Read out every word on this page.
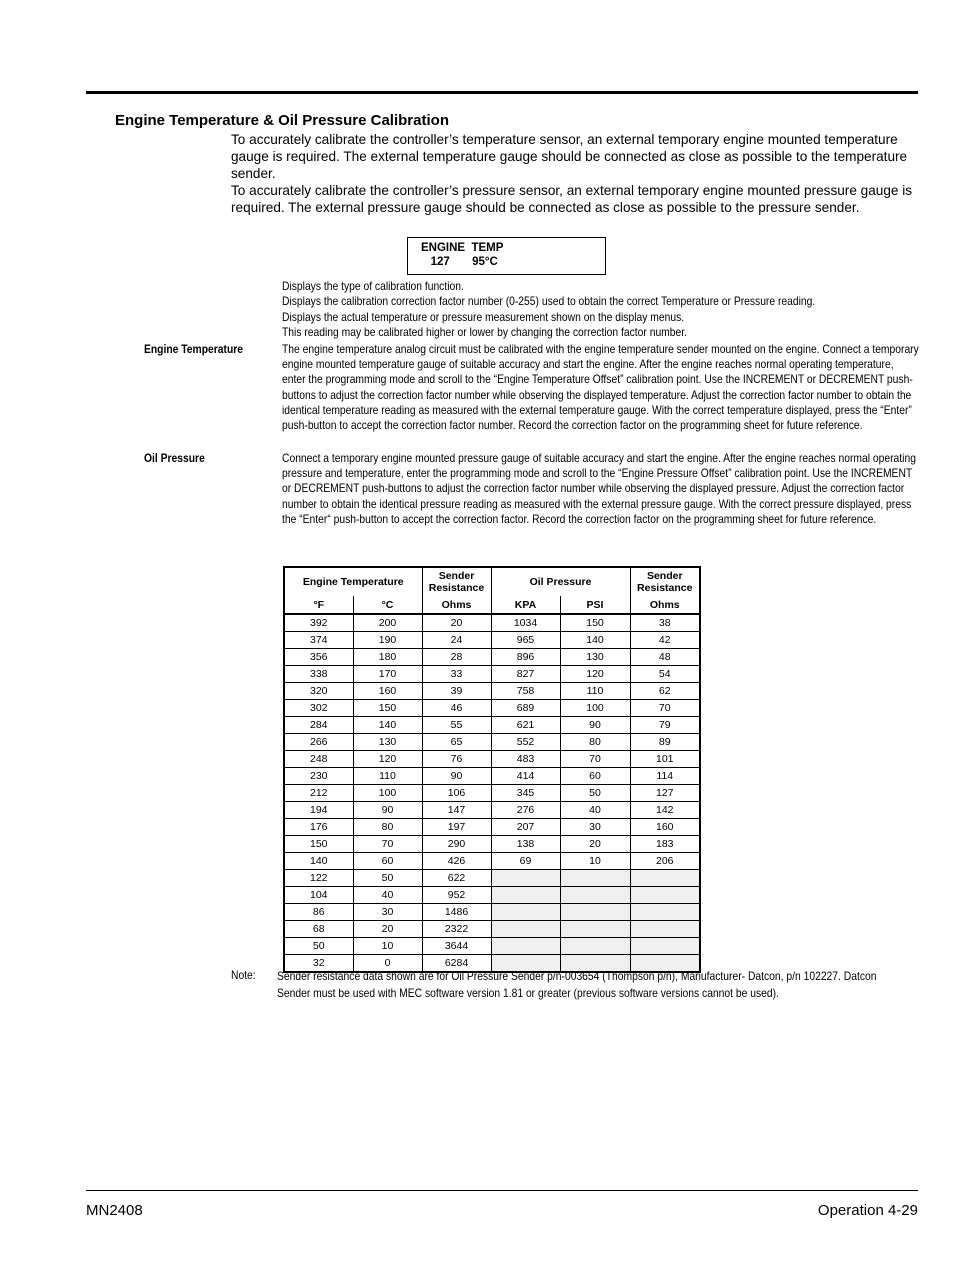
Engine Temperature & Oil Pressure Calibration

To accurately calibrate the controller’s temperature sensor, an external temporary engine mounted temperature gauge is required. The external temperature gauge should be connected as close as possible to the temperature sender.

To accurately calibrate the controller’s pressure sensor, an external temporary engine mounted pressure gauge is required. The external pressure gauge should be connected as close as possible to the pressure sender.

ENGINE  TEMP
127       95°C

Displays the type of calibration function.

Displays the calibration correction factor number (0-255) used to obtain the correct Temperature or Pressure reading.

Displays the actual temperature or pressure measurement shown on the display menus.

This reading may be calibrated higher or lower by changing the correction factor number.

Engine Temperature	The engine temperature analog circuit must be calibrated with the engine temperature sender mounted on the engine. Connect a temporary engine mounted temperature gauge of suitable accuracy and start the engine. After the engine reaches normal operating temperature, enter the programming mode and scroll to the “Engine Temperature Offset” calibration point. Use the INCREMENT or DECREMENT push-buttons to adjust the correction factor number while observing the displayed temperature. Adjust the correction factor number to obtain the identical temperature reading as measured with the external temperature gauge. With the correct temperature displayed, press the “Enter” push-button to accept the correction factor number. Record the correction factor on the programming sheet for future reference.
Oil Pressure	Connect a temporary engine mounted pressure gauge of suitable accuracy and start the engine. After the engine reaches normal operating pressure and temperature, enter the programming mode and scroll to the “Engine Pressure Offset” calibration point. Use the INCREMENT or DECREMENT push-buttons to adjust the correction factor number while observing the displayed pressure. Adjust the correction factor number to obtain the identical pressure reading as measured with the external pressure gauge. With the correct pressure displayed, press the “Enter“ push-button to accept the correction factor. Record the correction factor on the programming sheet for future reference.
Engine Temperature		Sender Resistance	Oil Pressure		Sender Resistance
°F	°C	Ohms	KPA	PSI	Ohms
392	200	20	1034	150	38
374	190	24	965	140	42
356	180	28	896	130	48
338	170	33	827	120	54
320	160	39	758	110	62
302	150	46	689	100	70
284	140	55	621	90	79
266	130	65	552	80	89
248	120	76	483	70	101
230	110	90	414	60	114
212	100	106	345	50	127
194	90	147	276	40	142
176	80	197	207	30	160
150	70	290	138	20	183
140	60	426	69	10	206
122	50	622			
104	40	952			
86	30	1486			
68	20	2322			
50	10	3644			
32	0	6284			
Note: Sender resistance data shown are for Oil Pressure Sender p/n-003654 (Thompson p/n), Manufacturer- Datcon, p/n 102227. Datcon Sender must be used with MEC software version 1.81 or greater (previous software versions cannot be used).
MN2408	Operation 4-29
